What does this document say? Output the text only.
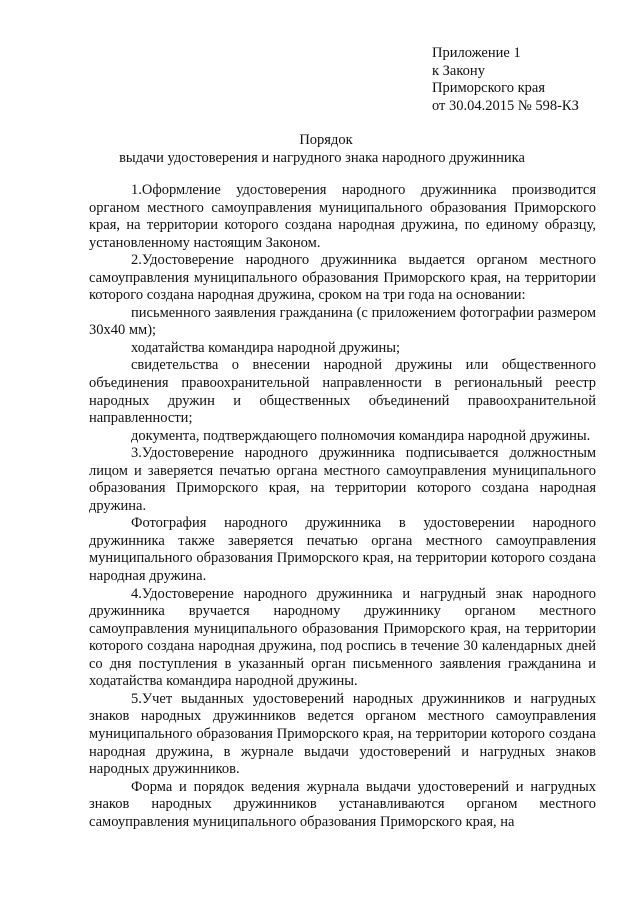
Приложение 1
к Закону
Приморского края
от 30.04.2015 № 598-КЗ
Порядок
выдачи удостоверения и нагрудного знака народного дружинника

1.Оформление удостоверения народного дружинника производится органом местного самоуправления муниципального образования Приморского края, на территории которого создана народная дружина, по единому образцу, установленному настоящим Законом.

2.Удостоверение народного дружинника выдается органом местного самоуправления муниципального образования Приморского края, на территории которого создана народная дружина, сроком на три года на основании:

письменного заявления гражданина (с приложением фотографии размером 30х40 мм);

ходатайства командира народной дружины;

свидетельства о внесении народной дружины или общественного объединения правоохранительной направленности в региональный реестр народных дружин и общественных объединений правоохранительной направленности;

документа, подтверждающего полномочия командира народной дружины.

3.Удостоверение народного дружинника подписывается должностным лицом и заверяется печатью органа местного самоуправления муниципального образования Приморского края, на территории которого создана народная дружина.

Фотография народного дружинника в удостоверении народного дружинника также заверяется печатью органа местного самоуправления муниципального образования Приморского края, на территории которого создана народная дружина.

4.Удостоверение народного дружинника и нагрудный знак народного дружинника вручается народному дружиннику органом местного самоуправления муниципального образования Приморского края, на территории которого создана народная дружина, под роспись в течение 30 календарных дней со дня поступления в указанный орган письменного заявления гражданина и ходатайства командира народной дружины.

5.Учет выданных удостоверений народных дружинников и нагрудных знаков народных дружинников ведется органом местного самоуправления муниципального образования Приморского края, на территории которого создана народная дружина, в журнале выдачи удостоверений и нагрудных знаков народных дружинников.

Форма и порядок ведения журнала выдачи удостоверений и нагрудных знаков народных дружинников устанавливаются органом местного самоуправления муниципального образования Приморского края, на
